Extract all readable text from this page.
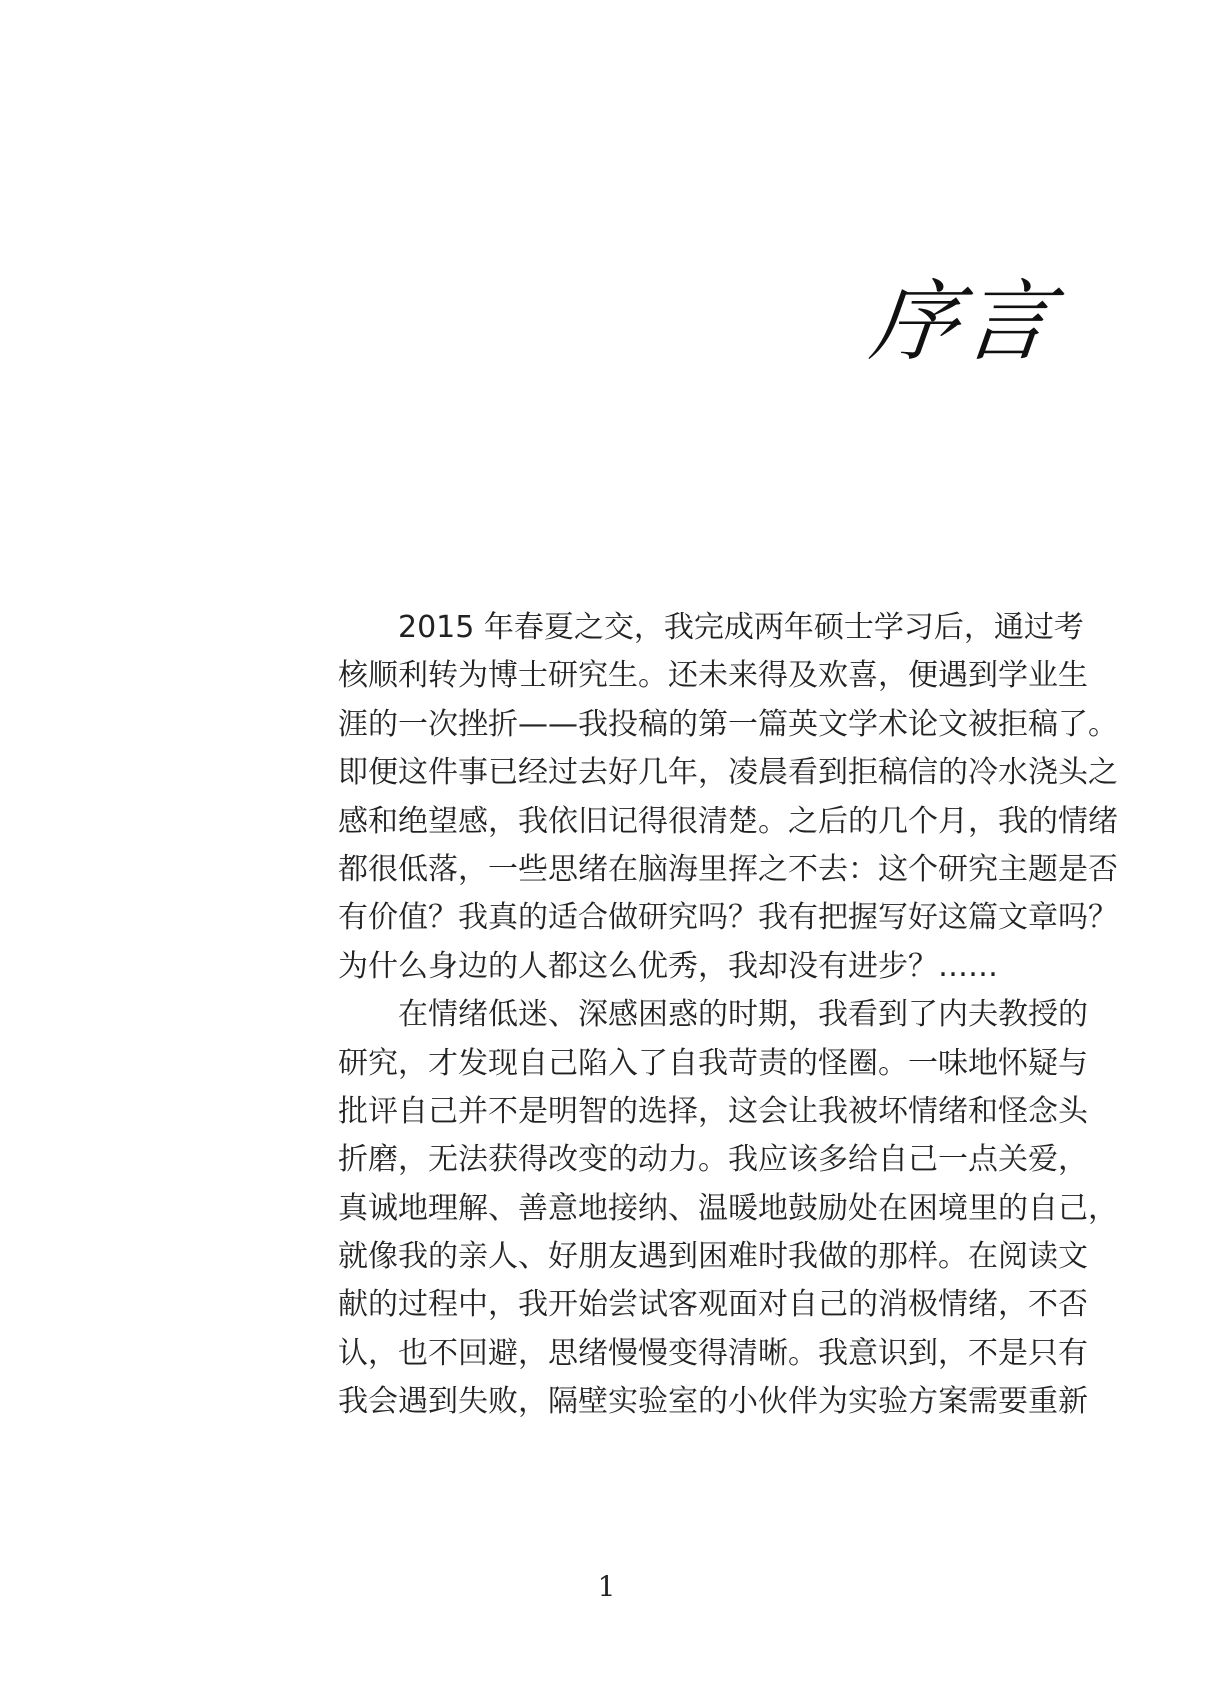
序言
　　2015 年春夏之交，我完成两年硕士学习后，通过考
核顺利转为博士研究生。还未来得及欢喜，便遇到学业生
涯的一次挫折——我投稿的第一篇英文学术论文被拒稿了。
即便这件事已经过去好几年，凌晨看到拒稿信的冷水浇头之
感和绝望感，我依旧记得很清楚。之后的几个月，我的情绪
都很低落，一些思绪在脑海里挥之不去：这个研究主题是否
有价值？我真的适合做研究吗？我有把握写好这篇文章吗？
为什么身边的人都这么优秀，我却没有进步？……
　　在情绪低迷、深感困惑的时期，我看到了内夫教授的
研究，才发现自己陷入了自我苛责的怪圈。一味地怀疑与
批评自己并不是明智的选择，这会让我被坏情绪和怪念头
折磨，无法获得改变的动力。我应该多给自己一点关爱，
真诚地理解、善意地接纳、温暖地鼓励处在困境里的自己，
就像我的亲人、好朋友遇到困难时我做的那样。在阅读文
献的过程中，我开始尝试客观面对自己的消极情绪，不否
认，也不回避，思绪慢慢变得清晰。我意识到，不是只有
我会遇到失败，隔壁实验室的小伙伴为实验方案需要重新
1
